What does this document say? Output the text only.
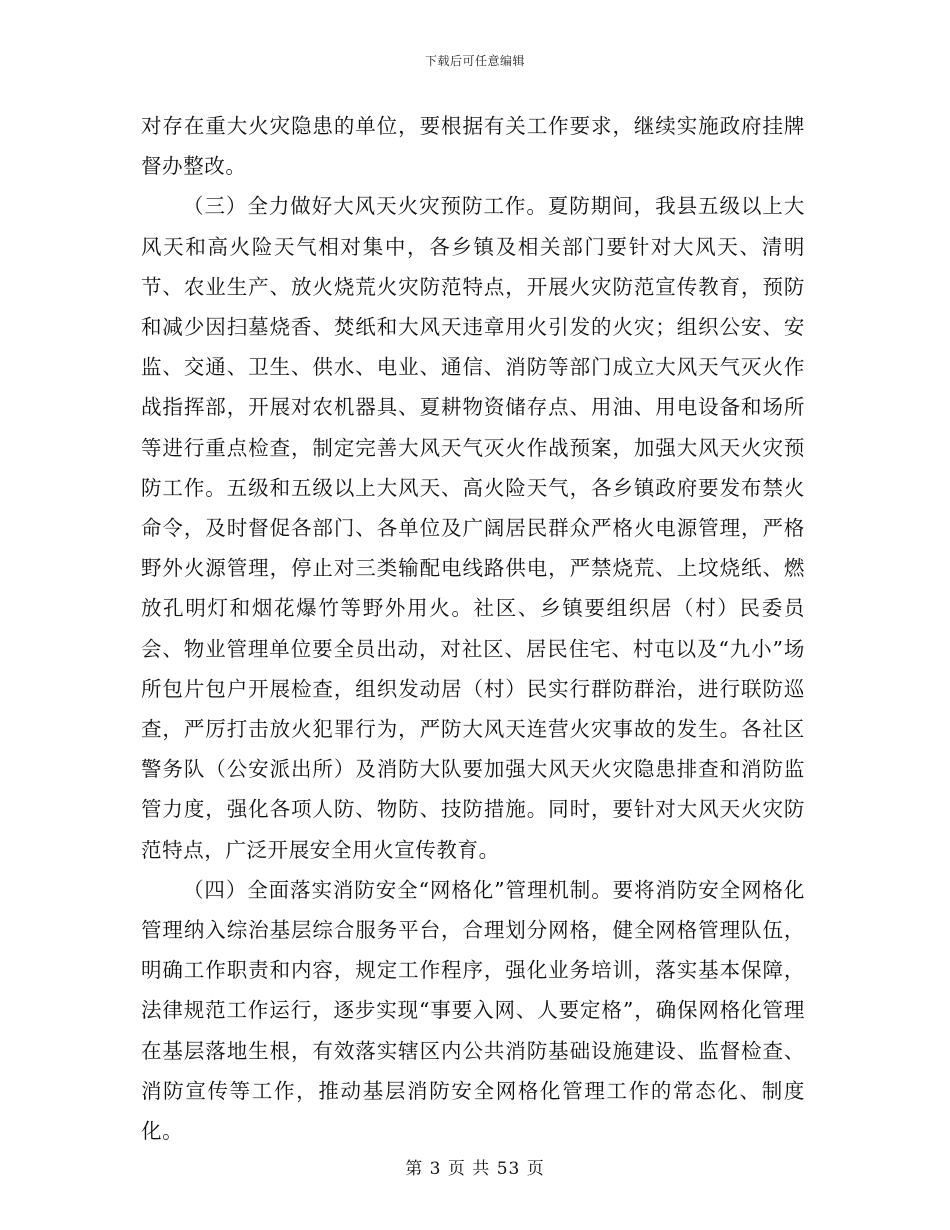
下载后可任意编辑

对存在重大火灾隐患的单位，要根据有关工作要求，继续实施政府挂牌督办整改。

（三）全力做好大风天火灾预防工作。夏防期间，我县五级以上大风天和高火险天气相对集中，各乡镇及相关部门要针对大风天、清明节、农业生产、放火烧荒火灾防范特点，开展火灾防范宣传教育，预防和减少因扫墓烧香、焚纸和大风天违章用火引发的火灾；组织公安、安监、交通、卫生、供水、电业、通信、消防等部门成立大风天气灭火作战指挥部，开展对农机器具、夏耕物资储存点、用油、用电设备和场所等进行重点检查，制定完善大风天气灭火作战预案，加强大风天火灾预防工作。五级和五级以上大风天、高火险天气，各乡镇政府要发布禁火命令，及时督促各部门、各单位及广阔居民群众严格火电源管理，严格野外火源管理，停止对三类输配电线路供电，严禁烧荒、上坟烧纸、燃放孔明灯和烟花爆竹等野外用火。社区、乡镇要组织居（村）民委员会、物业管理单位要全员出动，对社区、居民住宅、村屯以及“九小”场所包片包户开展检查，组织发动居（村）民实行群防群治，进行联防巡查，严厉打击放火犯罪行为，严防大风天连营火灾事故的发生。各社区警务队（公安派出所）及消防大队要加强大风天火灾隐患排查和消防监管力度，强化各项人防、物防、技防措施。同时，要针对大风天火灾防范特点，广泛开展安全用火宣传教育。

（四）全面落实消防安全“网格化”管理机制。要将消防安全网格化管理纳入综治基层综合服务平台，合理划分网格，健全网格管理队伍，明确工作职责和内容，规定工作程序，强化业务培训，落实基本保障，法律规范工作运行，逐步实现“事要入网、人要定格”，确保网格化管理在基层落地生根，有效落实辖区内公共消防基础设施建设、监督检查、消防宣传等工作，推动基层消防安全网格化管理工作的常态化、制度化。

第 3 页 共 53 页
